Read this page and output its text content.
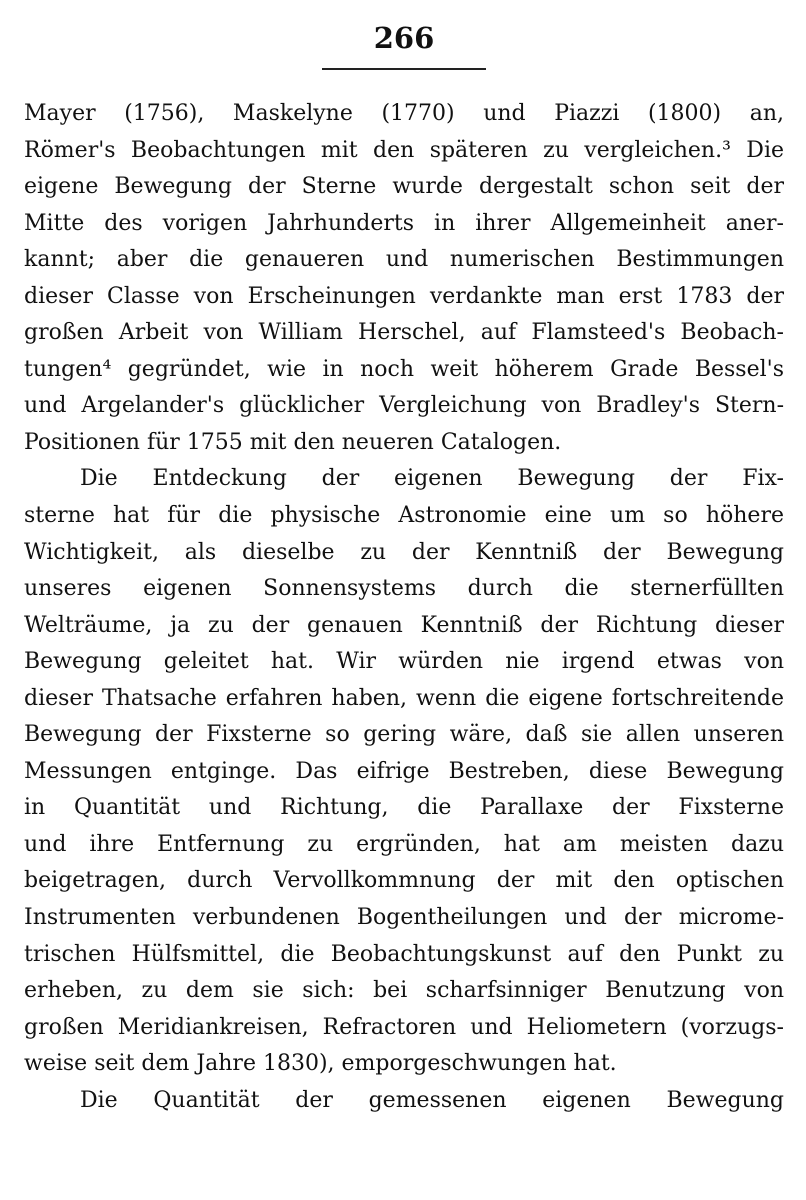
266
Mayer (1756), Maskelyne (1770) und Piazzi (1800) an,
Römer's Beobachtungen mit den späteren zu vergleichen.³ Die
eigene Bewegung der Sterne wurde dergestalt schon seit der
Mitte des vorigen Jahrhunderts in ihrer Allgemeinheit aner-
kannt; aber die genaueren und numerischen Bestimmungen
dieser Classe von Erscheinungen verdankte man erst 1783 der
großen Arbeit von William Herschel, auf Flamsteed's Beobach-
tungen⁴ gegründet, wie in noch weit höherem Grade Bessel's
und Argelander's glücklicher Vergleichung von Bradley's Stern-
Positionen für 1755 mit den neueren Catalogen.
Die Entdeckung der eigenen Bewegung der Fix-
sterne hat für die physische Astronomie eine um so höhere
Wichtigkeit, als dieselbe zu der Kenntniß der Bewegung
unseres eigenen Sonnensystems durch die sternerfüllten
Welträume, ja zu der genauen Kenntniß der Richtung dieser
Bewegung geleitet hat. Wir würden nie irgend etwas von
dieser Thatsache erfahren haben, wenn die eigene fortschreitende
Bewegung der Fixsterne so gering wäre, daß sie allen unseren
Messungen entginge. Das eifrige Bestreben, diese Bewegung
in Quantität und Richtung, die Parallaxe der Fixsterne
und ihre Entfernung zu ergründen, hat am meisten dazu
beigetragen, durch Vervollkommnung der mit den optischen
Instrumenten verbundenen Bogentheilungen und der microme-
trischen Hülfsmittel, die Beobachtungskunst auf den Punkt zu
erheben, zu dem sie sich: bei scharfsinniger Benutzung von
großen Meridiankreisen, Refractoren und Heliometern (vorzugs-
weise seit dem Jahre 1830), emporgeschwungen hat.
Die Quantität der gemessenen eigenen Bewegung
